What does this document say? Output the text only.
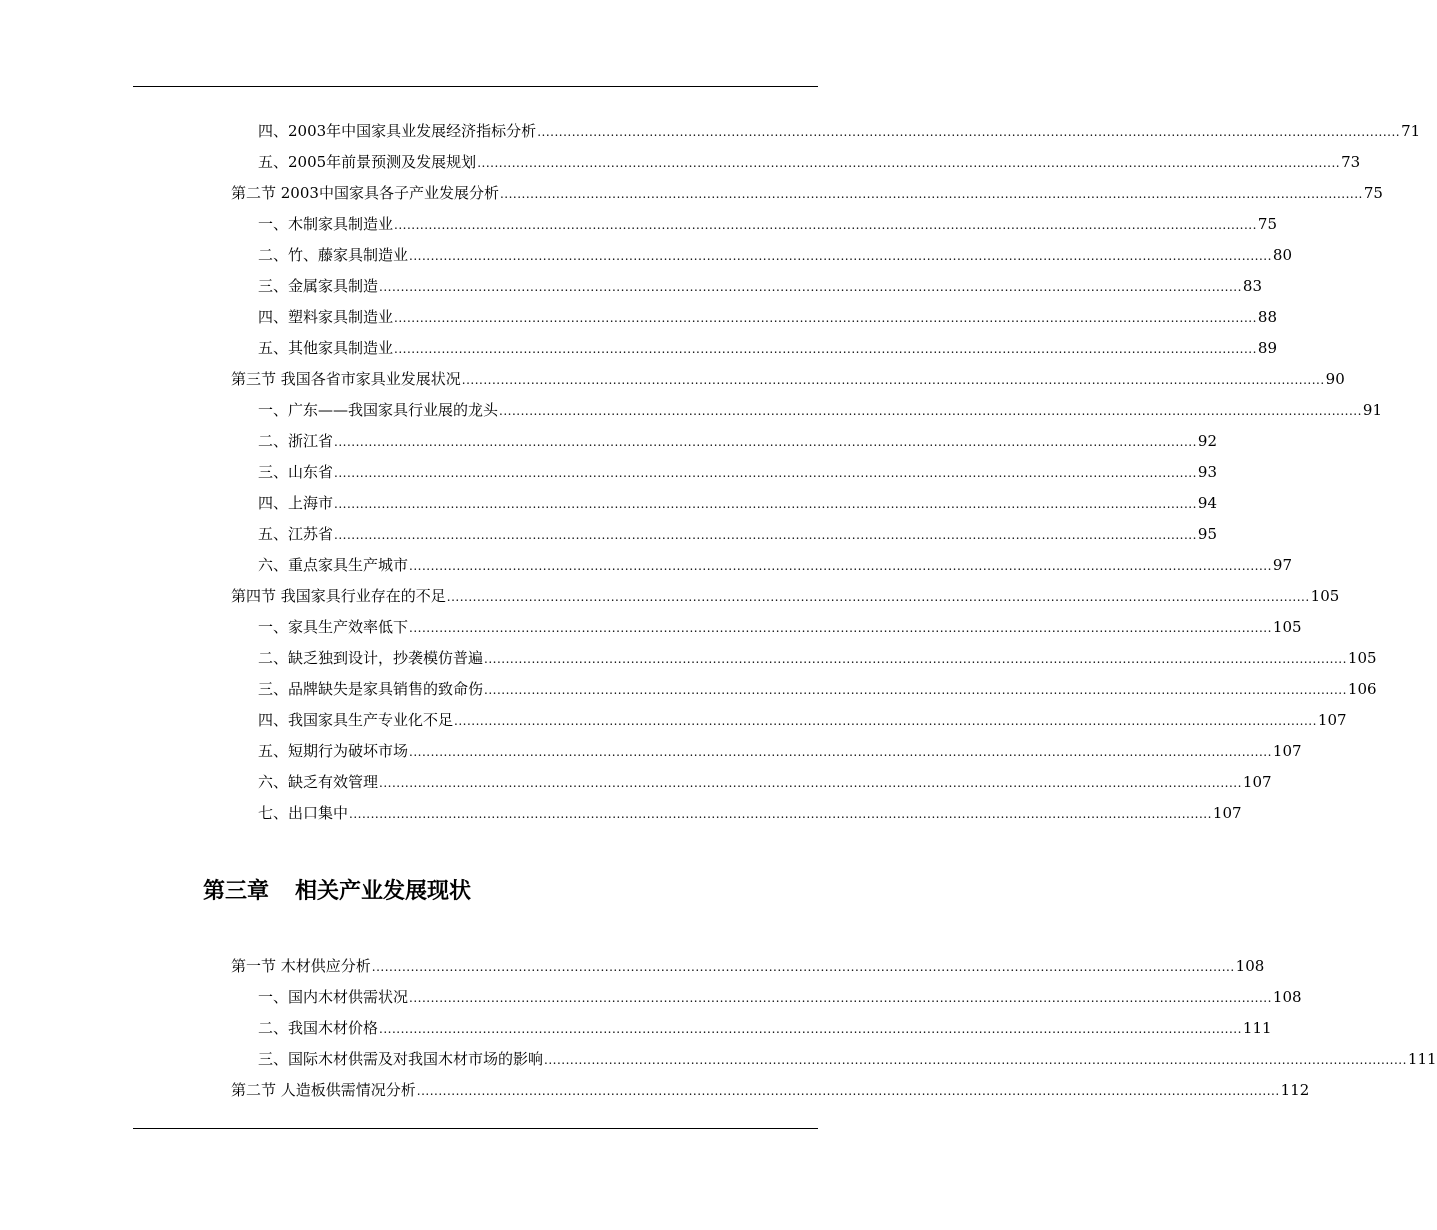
四、2003年中国家具业发展经济指标分析 ........................................................................................................................................................................................................ 71
五、2005年前景预测及发展规划 ........................................................................................................................................................................................................ 73
第二节 2003中国家具各子产业发展分析 ........................................................................................................................................................................................................ 75
一、木制家具制造业 ........................................................................................................................................................................................................ 75
二、竹、藤家具制造业 ........................................................................................................................................................................................................ 80
三、金属家具制造 ........................................................................................................................................................................................................ 83
四、塑料家具制造业 ........................................................................................................................................................................................................ 88
五、其他家具制造业 ........................................................................................................................................................................................................ 89
第三节 我国各省市家具业发展状况 ........................................................................................................................................................................................................ 90
一、广东——我国家具行业展的龙头 ........................................................................................................................................................................................................ 91
二、浙江省 ........................................................................................................................................................................................................ 92
三、山东省 ........................................................................................................................................................................................................ 93
四、上海市 ........................................................................................................................................................................................................ 94
五、江苏省 ........................................................................................................................................................................................................ 95
六、重点家具生产城市 ........................................................................................................................................................................................................ 97
第四节 我国家具行业存在的不足 ........................................................................................................................................................................................................ 105
一、家具生产效率低下 ........................................................................................................................................................................................................ 105
二、缺乏独到设计，抄袭模仿普遍 ........................................................................................................................................................................................................ 105
三、品牌缺失是家具销售的致命伤 ........................................................................................................................................................................................................ 106
四、我国家具生产专业化不足 ........................................................................................................................................................................................................ 107
五、短期行为破坏市场 ........................................................................................................................................................................................................ 107
六、缺乏有效管理 ........................................................................................................................................................................................................ 107
七、出口集中 ........................................................................................................................................................................................................ 107
第三章 相关产业发展现状
第一节 木材供应分析 ........................................................................................................................................................................................................ 108
一、国内木材供需状况 ........................................................................................................................................................................................................ 108
二、我国木材价格 ........................................................................................................................................................................................................ 111
三、国际木材供需及对我国木材市场的影响 ........................................................................................................................................................................................................ 111
第二节 人造板供需情况分析 ........................................................................................................................................................................................................ 112
